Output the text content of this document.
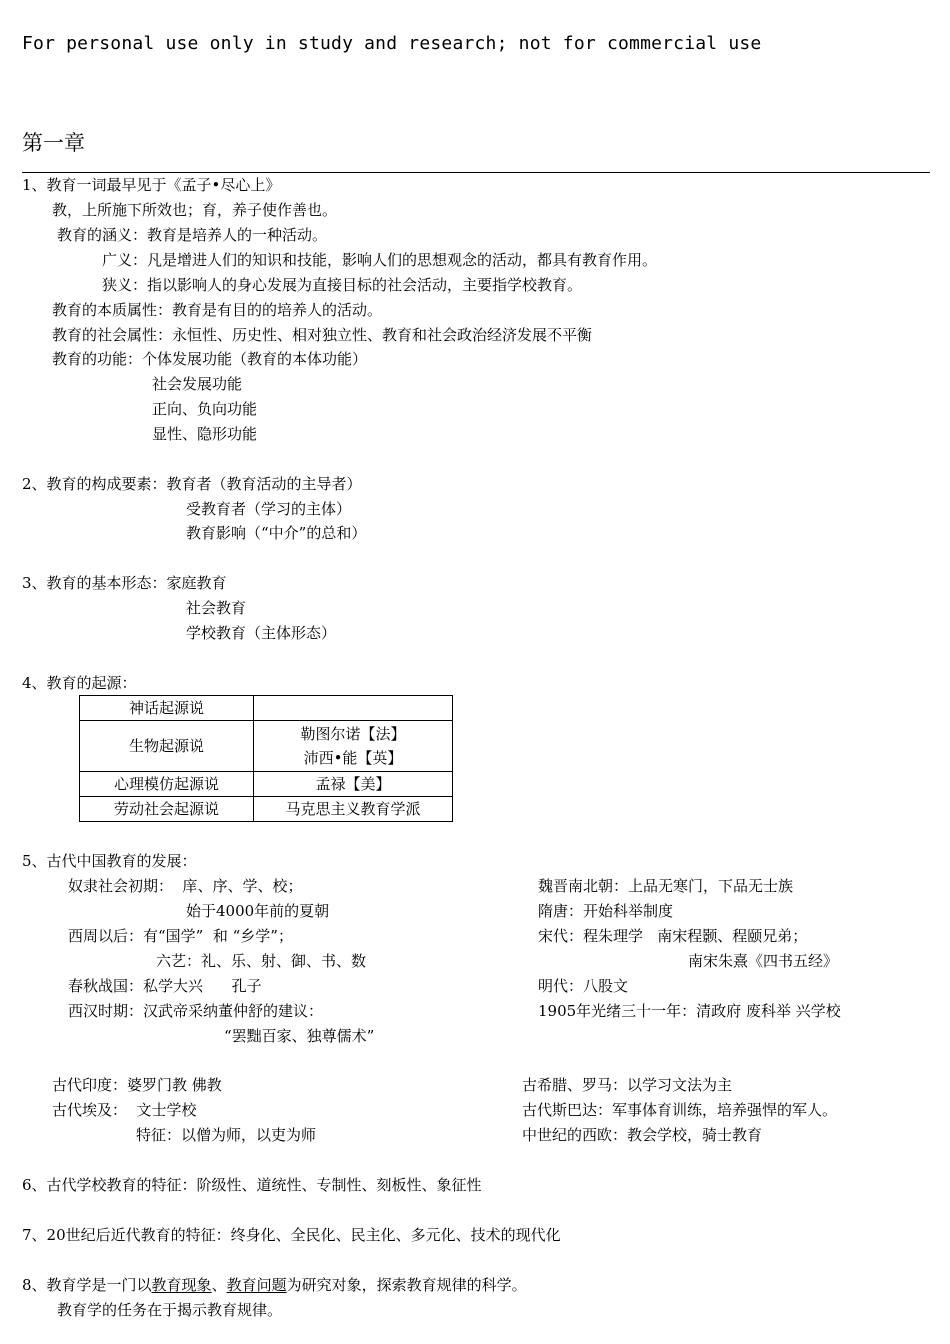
For personal use only in study and research; not for commercial use
第一章
1、教育一词最早见于《孟子•尽心上》
教，上所施下所效也；育，养子使作善也。
教育的涵义：教育是培养人的一种活动。
广义：凡是增进人们的知识和技能，影响人们的思想观念的活动，都具有教育作用。
狭义：指以影响人的身心发展为直接目标的社会活动，主要指学校教育。
教育的本质属性：教育是有目的的培养人的活动。
教育的社会属性：永恒性、历史性、相对独立性、教育和社会政治经济发展不平衡
教育的功能：个体发展功能（教育的本体功能）
社会发展功能
正向、负向功能
显性、隐形功能
2、教育的构成要素：教育者（教育活动的主导者）
受教育者（学习的主体）
教育影响（“中介”的总和）
3、教育的基本形态：家庭教育
社会教育
学校教育（主体形态）
4、教育的起源：
神话起源说	
生物起源说	勒图尔诺【法】
沛西•能【英】

心理模仿起源说	孟禄【美】
劳动社会起源说	马克思主义教育学派
5、古代中国教育的发展：
奴隶社会初期：  庠、序、学、校；
始于4000年前的夏朝
西周以后：有“国学”  和 “乡学”；
六艺：礼、乐、射、御、书、数
春秋战国：私学大兴      孔子
西汉时期：汉武帝采纳董仲舒的建议：
“罢黜百家、独尊儒术”
魏晋南北朝：上品无寒门，下品无士族
隋唐：开始科举制度
宋代：程朱理学   南宋程颢、程颐兄弟；
南宋朱熹《四书五经》
明代：八股文
1905年光绪三十一年：清政府 废科举 兴学校
古代印度：婆罗门教 佛教
古代埃及：  文士学校
特征：以僧为师，以吏为师
古希腊、罗马：以学习文法为主
古代斯巴达：军事体育训练，培养强悍的军人。
中世纪的西欧：教会学校，骑士教育
6、古代学校教育的特征：阶级性、道统性、专制性、刻板性、象征性
7、20世纪后近代教育的特征：终身化、全民化、民主化、多元化、技术的现代化
8、教育学是一门以教育现象、教育问题为研究对象，探索教育规律的科学。
教育学的任务在于揭示教育规律。
